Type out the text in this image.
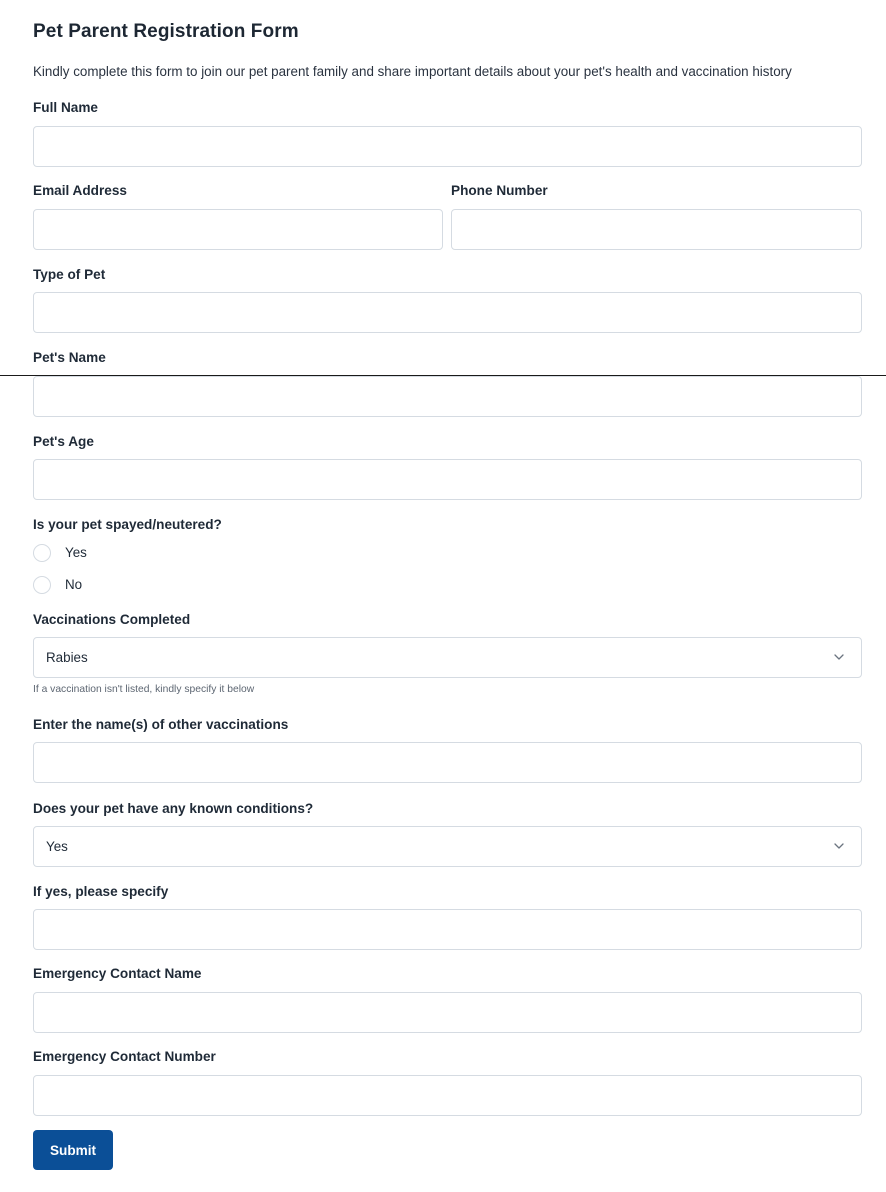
Pet Parent Registration Form
Kindly complete this form to join our pet parent family and share important details about your pet's health and vaccination history
Full Name
Email Address	Phone Number
Type of Pet
Pet's Name
Pet's Age
Is your pet spayed/neutered?
Yes
No
Vaccinations Completed
Rabies
If a vaccination isn't listed, kindly specify it below
Enter the name(s) of other vaccinations
Does your pet have any known conditions?
Yes
If yes, please specify
Emergency Contact Name
Emergency Contact Number
Submit
